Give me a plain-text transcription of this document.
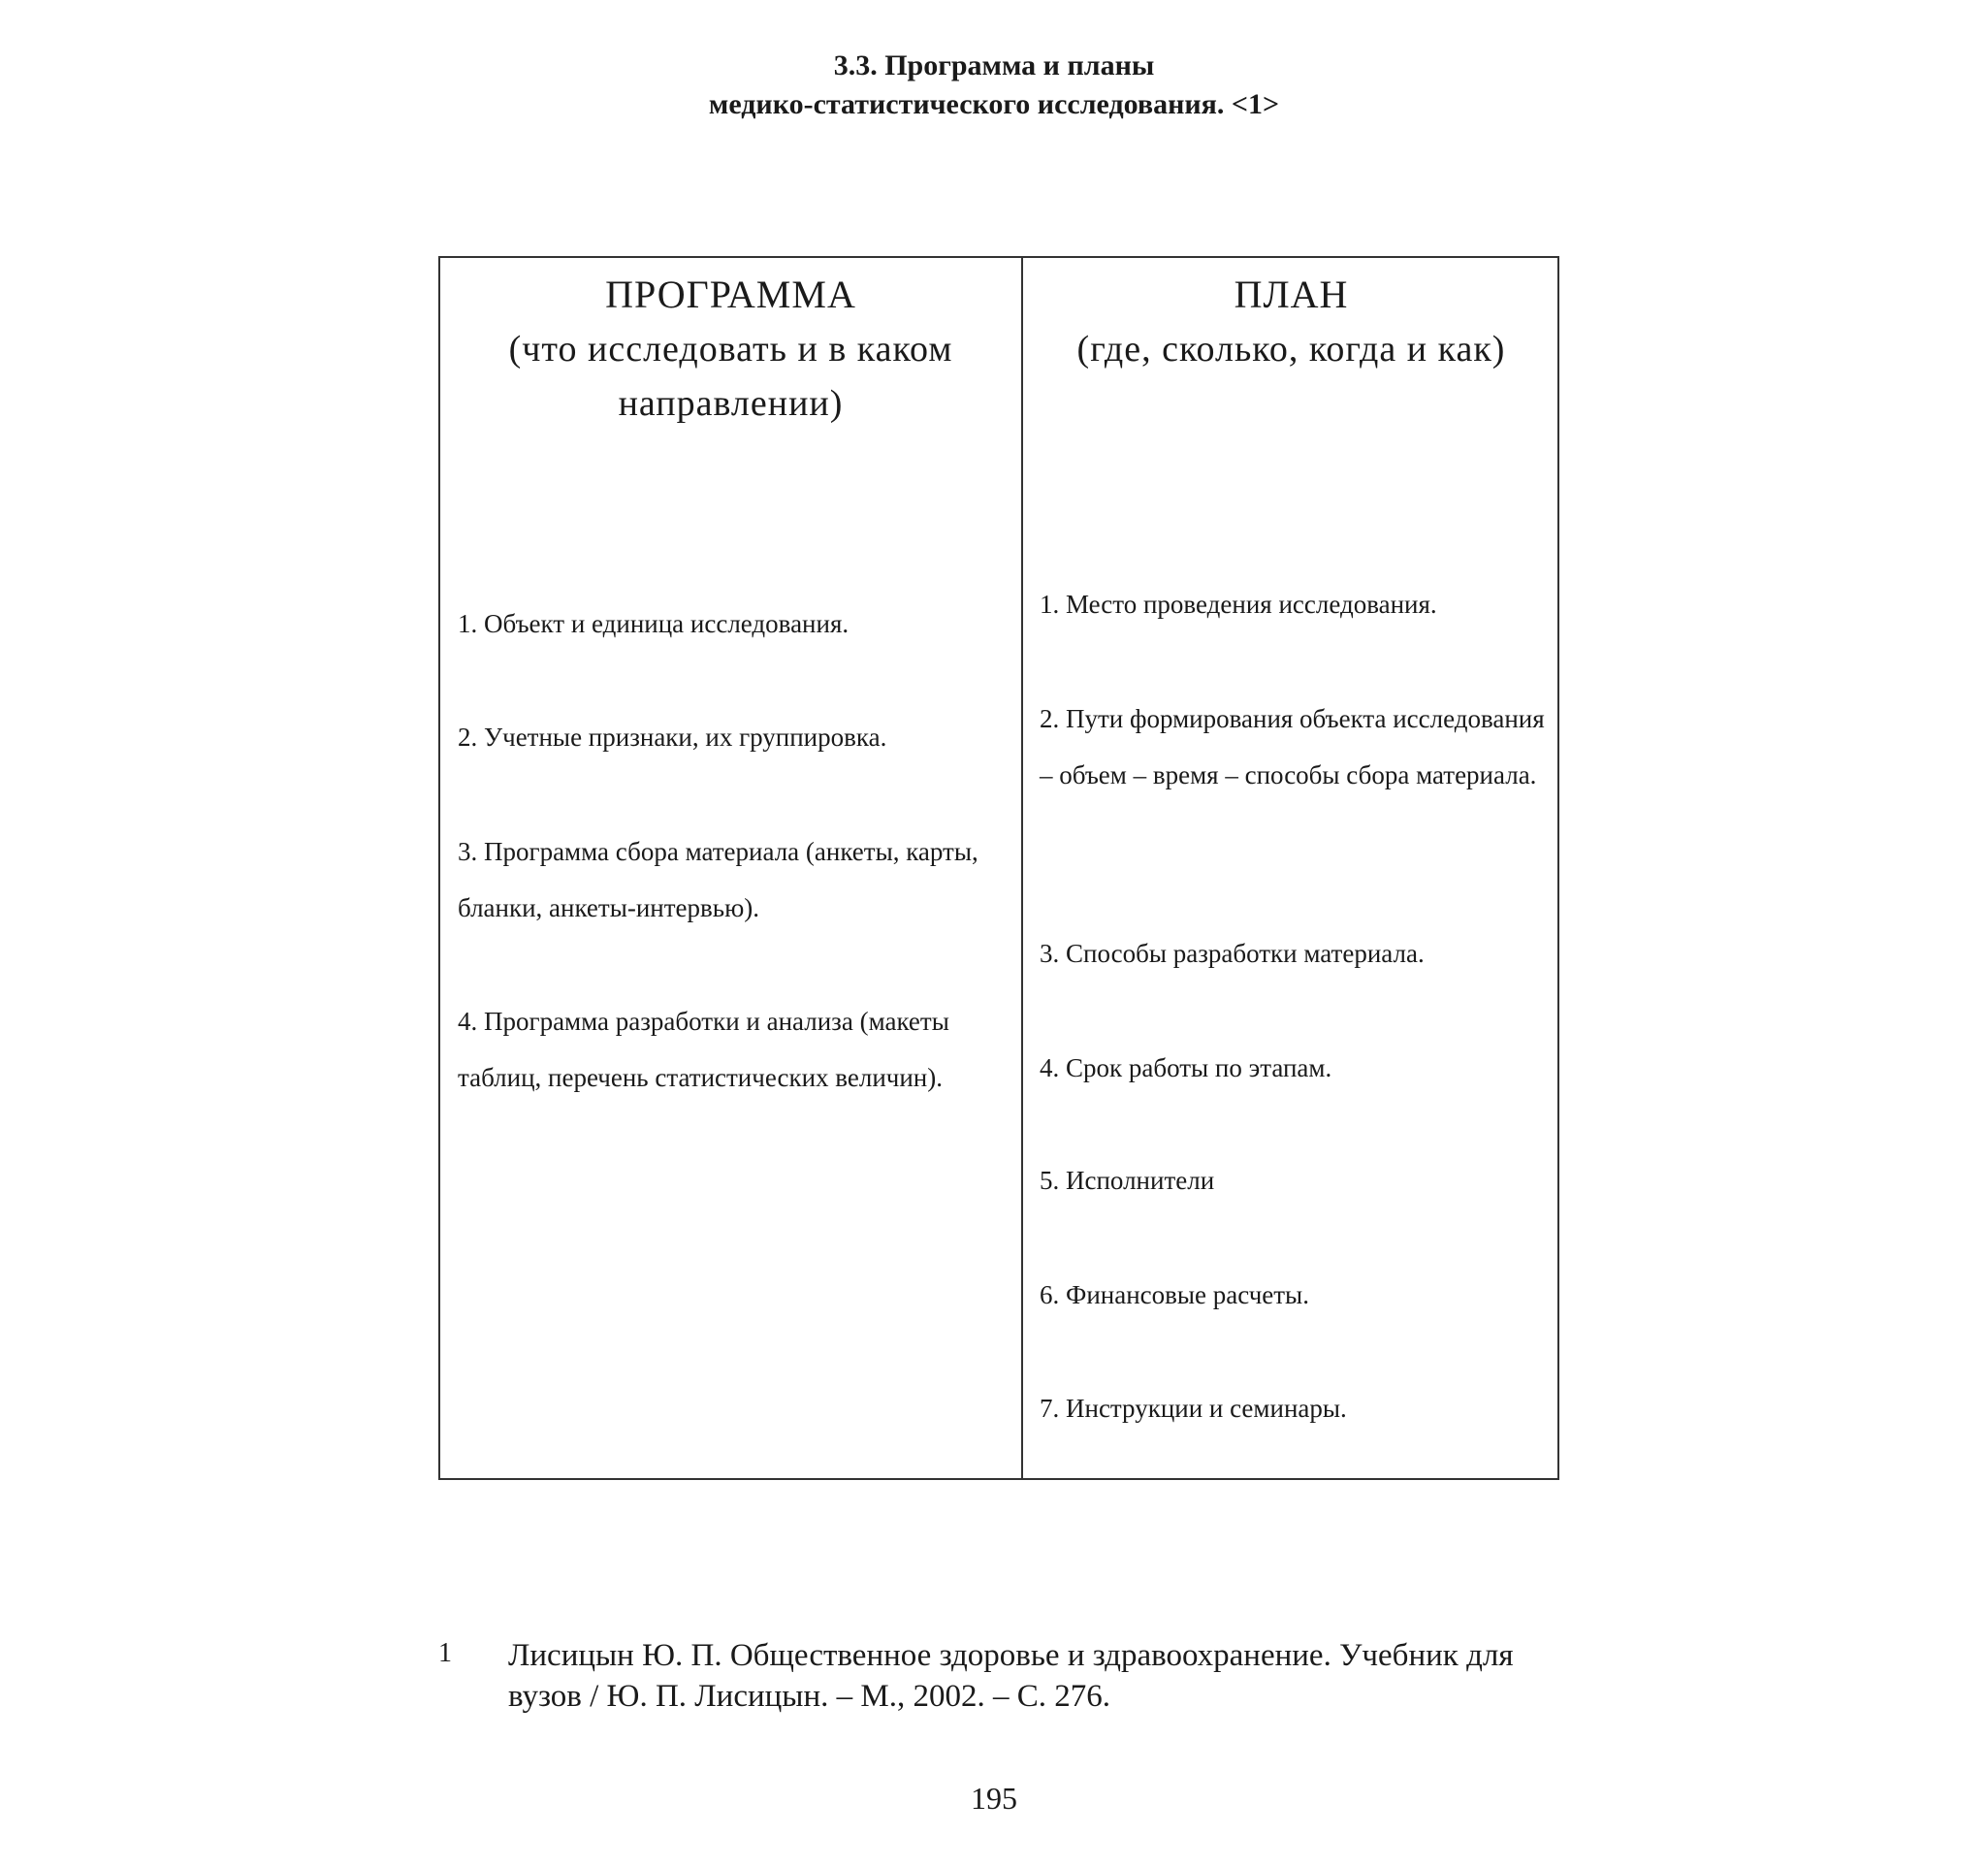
3.3. Программа и планы
медико-статистического исследования. <1>
ПРОГРАММА
(что исследовать и в каком направлении)
ПЛАН
(где, сколько, когда и как)
1. Объект и единица исследования.
2. Учетные признаки, их группировка.
3. Программа сбора материала (анкеты, карты, бланки, анкеты-интервью).
4. Программа разработки и анализа (макеты таблиц, перечень статистических величин).
1. Место проведения исследования.
2. Пути формирования объекта исследования – объем – время – способы сбора материала.
3. Способы разработки материала.
4. Срок работы по этапам.
5. Исполнители
6. Финансовые расчеты.
7. Инструкции и семинары.
1 Лисицын Ю. П. Общественное здоровье и здравоохранение. Учебник для вузов / Ю. П. Лисицын. – М., 2002. – С. 276.
195
